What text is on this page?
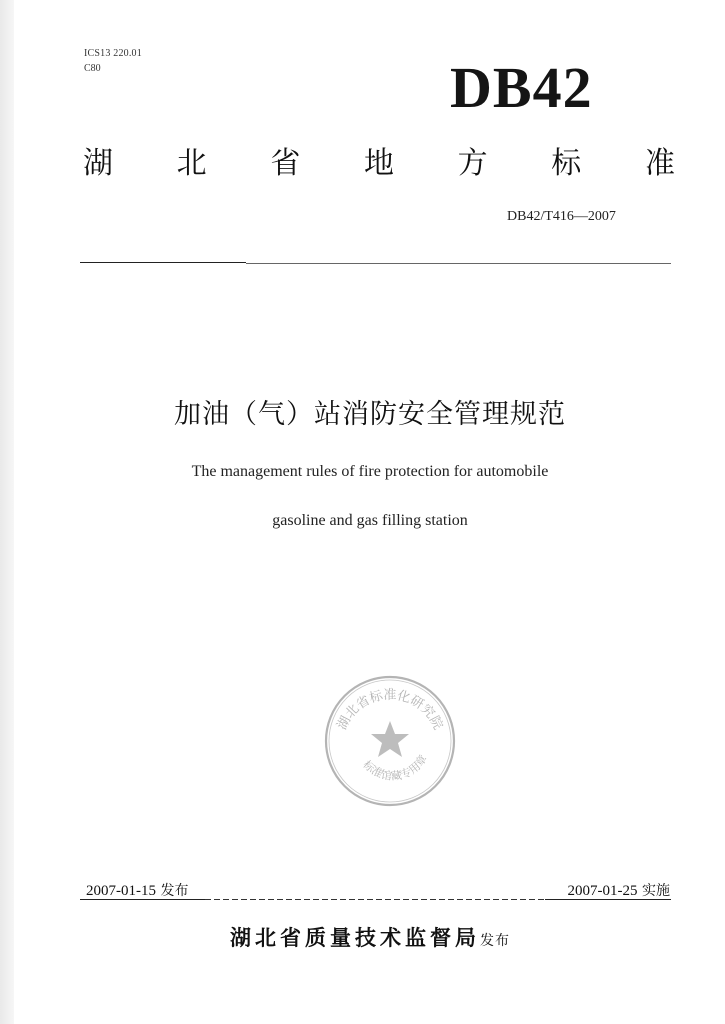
ICS13 220.01
C80	DB42
湖 北 省 地 方 标 准
DB42/T416—2007
加油（气）站消防安全管理规范
The management rules of fire protection for automobile
gasoline and gas filling station
湖北省标准化研究院
标准馆藏专用章
2007-01-15 发布	2007-01-25 实施
湖北省质量技术监督局发布
